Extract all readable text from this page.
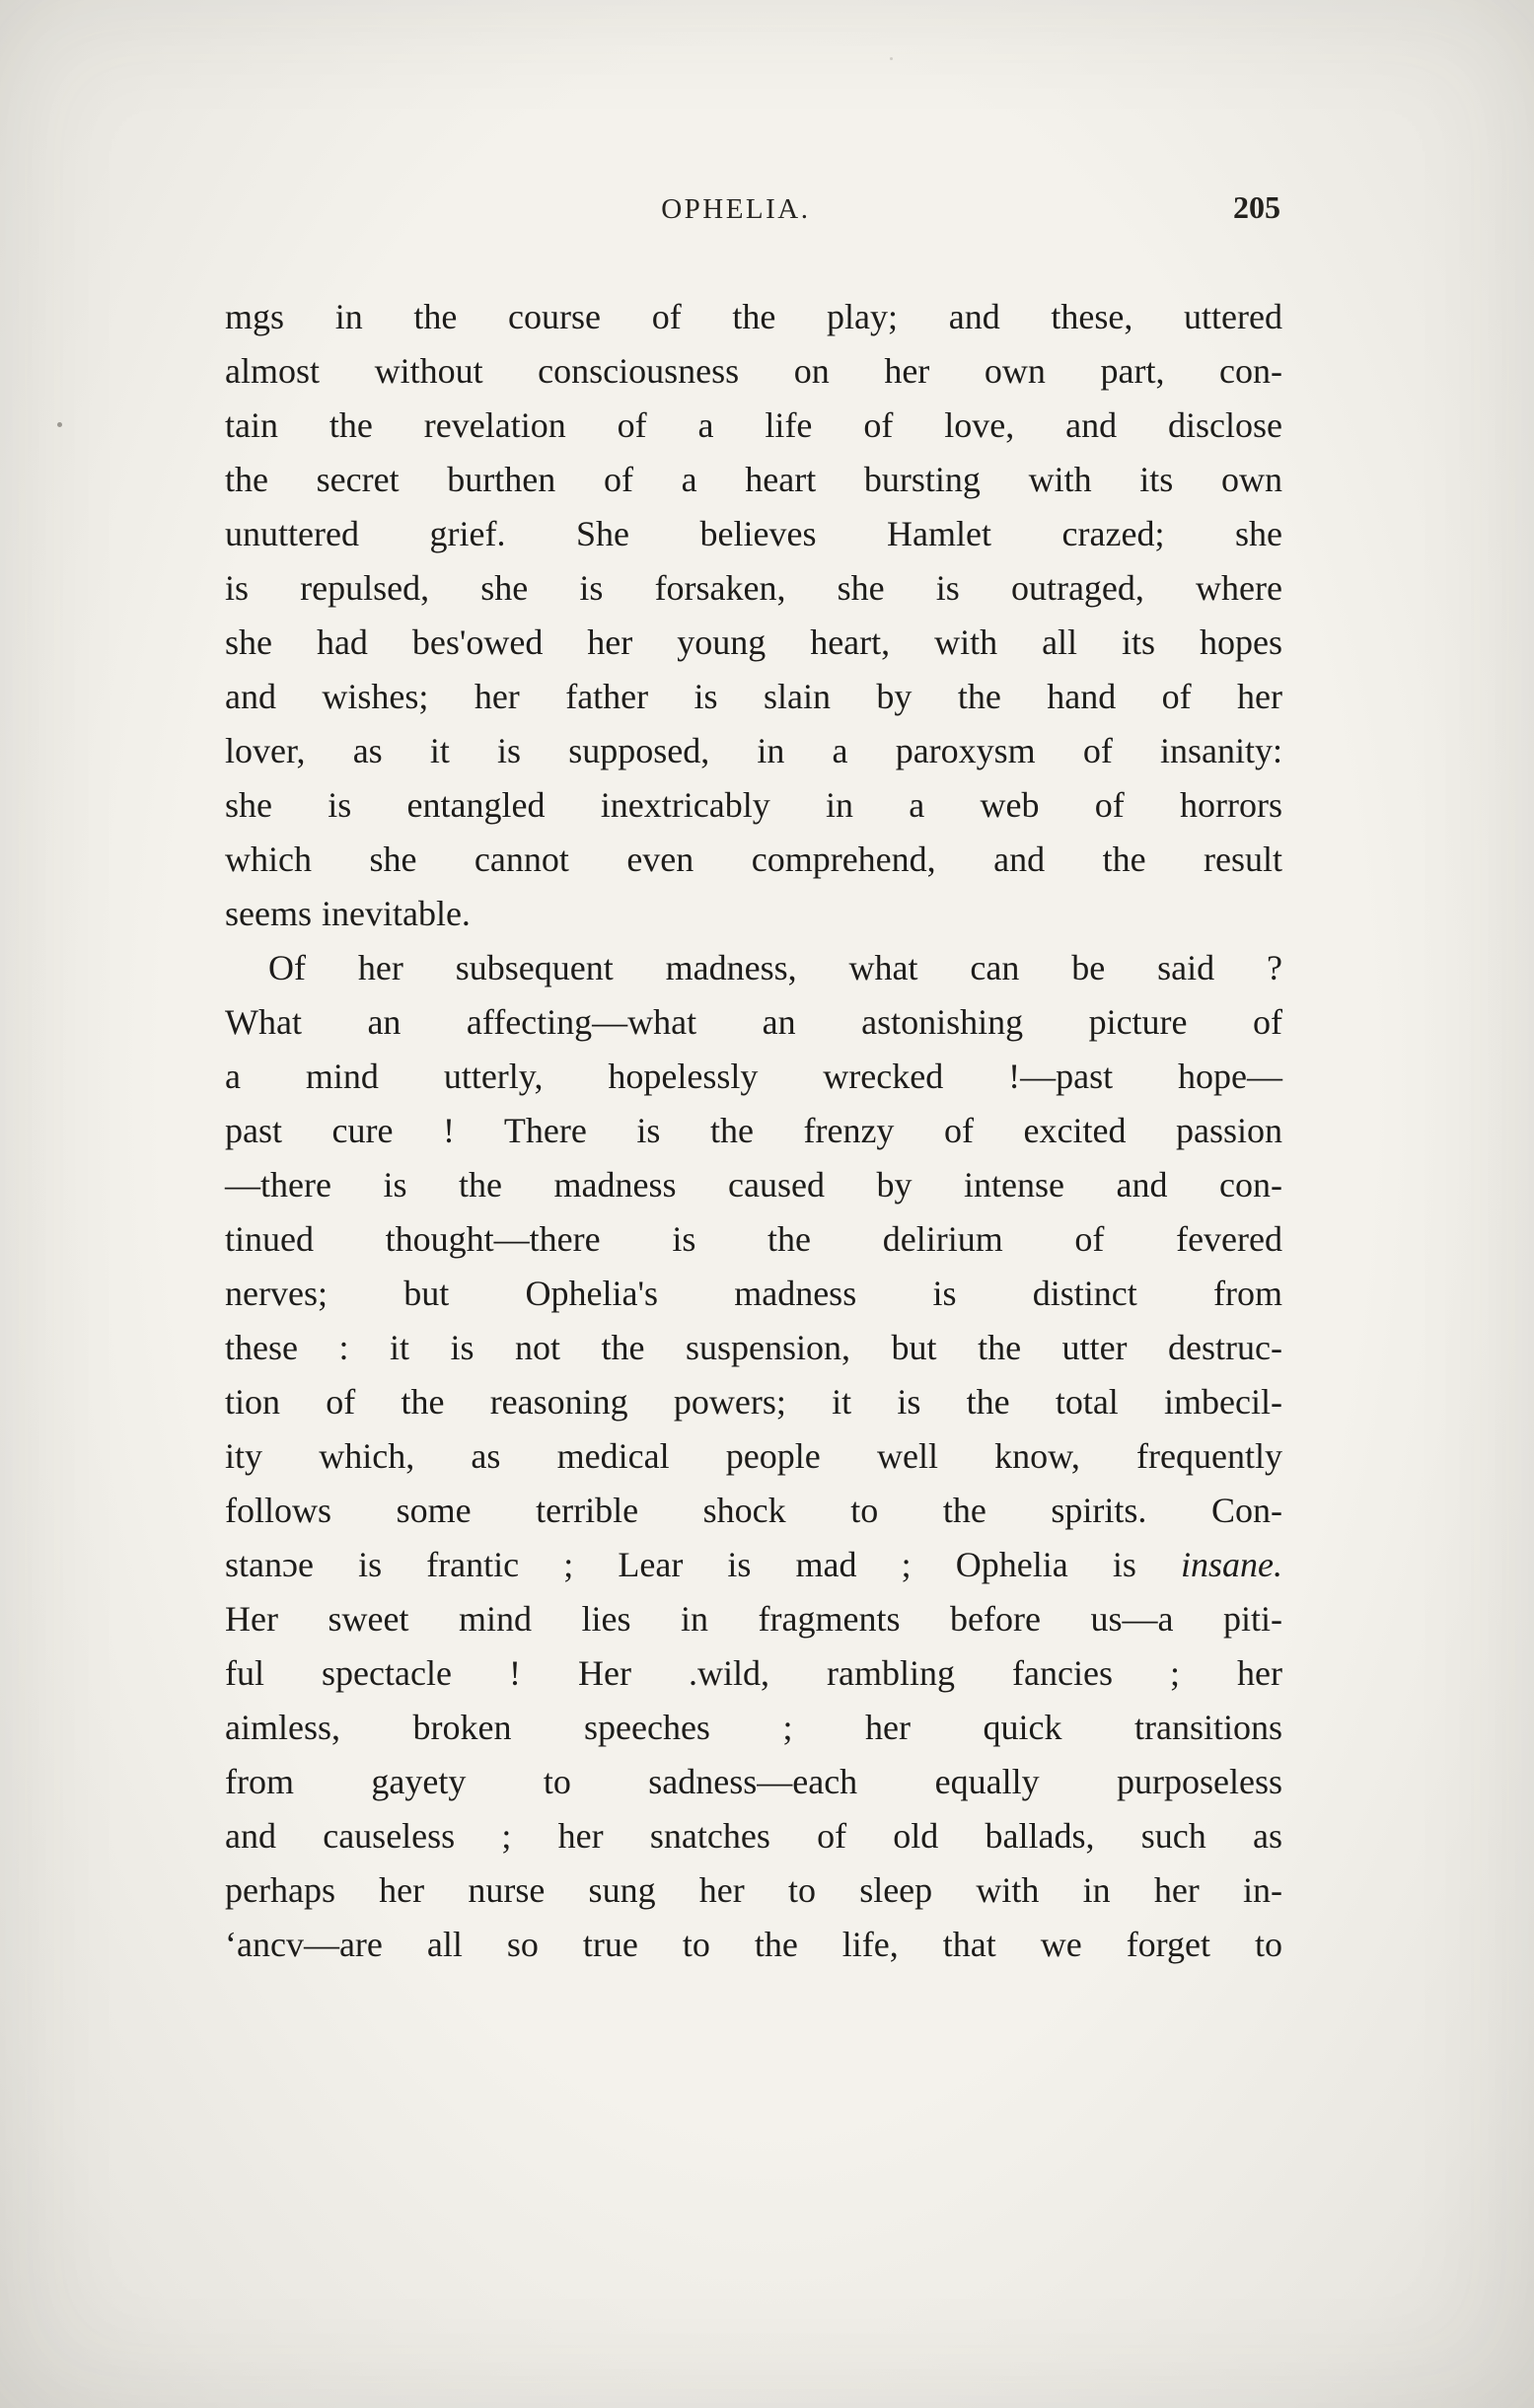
OPHELIA.	205
mgs in the course of the play; and these, uttered
almost without consciousness on her own part, con-
tain the revelation of a life of love, and disclose
the secret burthen of a heart bursting with its own
unuttered grief. She believes Hamlet crazed; she
is repulsed, she is forsaken, she is outraged, where
she had bes'owed her young heart, with all its hopes
and wishes; her father is slain by the hand of her
lover, as it is supposed, in a paroxysm of insanity:
she is entangled inextricably in a web of horrors
which she cannot even comprehend, and the result
seems inevitable.
Of her subsequent madness, what can be said ?
What an affecting—what an astonishing picture of
a mind utterly, hopelessly wrecked !—past hope—
past cure ! There is the frenzy of excited passion
—there is the madness caused by intense and con-
tinued thought—there is the delirium of fevered
nerves; but Ophelia's madness is distinct from
these : it is not the suspension, but the utter destruc-
tion of the reasoning powers; it is the total imbecil-
ity which, as medical people well know, frequently
follows some terrible shock to the spirits. Con-
stanɔe is frantic ; Lear is mad ; Ophelia is insane.
Her sweet mind lies in fragments before us—a piti-
ful spectacle ! Her .wild, rambling fancies ; her
aimless, broken speeches ; her quick transitions
from gayety to sadness—each equally purposeless
and causeless ; her snatches of old ballads, such as
perhaps her nurse sung her to sleep with in her in-
ʻancv—are all so true to the life, that we forget to
